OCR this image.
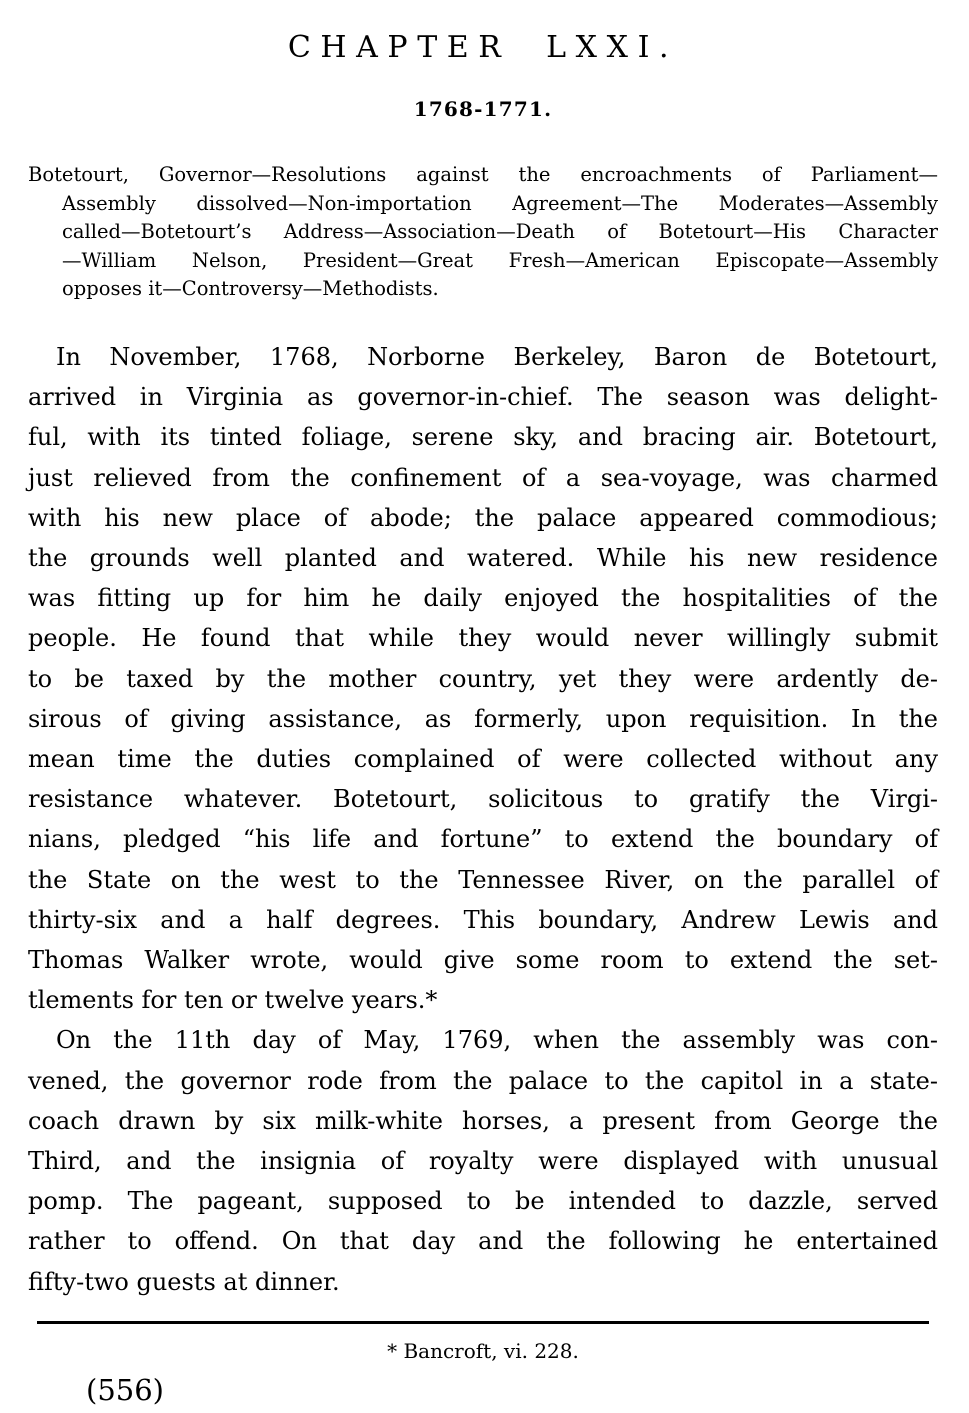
CHAPTER LXXI.
1768-1771.
Botetourt, Governor—Resolutions against the encroachments of Parliament—
Assembly dissolved—Non-importation Agreement—The Moderates—Assembly
called—Botetourt’s Address—Association—Death of Botetourt—His Character
—William Nelson, President—Great Fresh—American Episcopate—Assembly
opposes it—Controversy—Methodists.
In November, 1768, Norborne Berkeley, Baron de Botetourt,
arrived in Virginia as governor-in-chief. The season was delight-
ful, with its tinted foliage, serene sky, and bracing air. Botetourt,
just relieved from the confinement of a sea-voyage, was charmed
with his new place of abode; the palace appeared commodious;
the grounds well planted and watered. While his new residence
was fitting up for him he daily enjoyed the hospitalities of the
people. He found that while they would never willingly submit
to be taxed by the mother country, yet they were ardently de-
sirous of giving assistance, as formerly, upon requisition. In the
mean time the duties complained of were collected without any
resistance whatever. Botetourt, solicitous to gratify the Virgi-
nians, pledged “his life and fortune” to extend the boundary of
the State on the west to the Tennessee River, on the parallel of
thirty-six and a half degrees. This boundary, Andrew Lewis and
Thomas Walker wrote, would give some room to extend the set-
tlements for ten or twelve years.*
On the 11th day of May, 1769, when the assembly was con-
vened, the governor rode from the palace to the capitol in a state-
coach drawn by six milk-white horses, a present from George the
Third, and the insignia of royalty were displayed with unusual
pomp. The pageant, supposed to be intended to dazzle, served
rather to offend. On that day and the following he entertained
fifty-two guests at dinner.
* Bancroft, vi. 228.
(556)
